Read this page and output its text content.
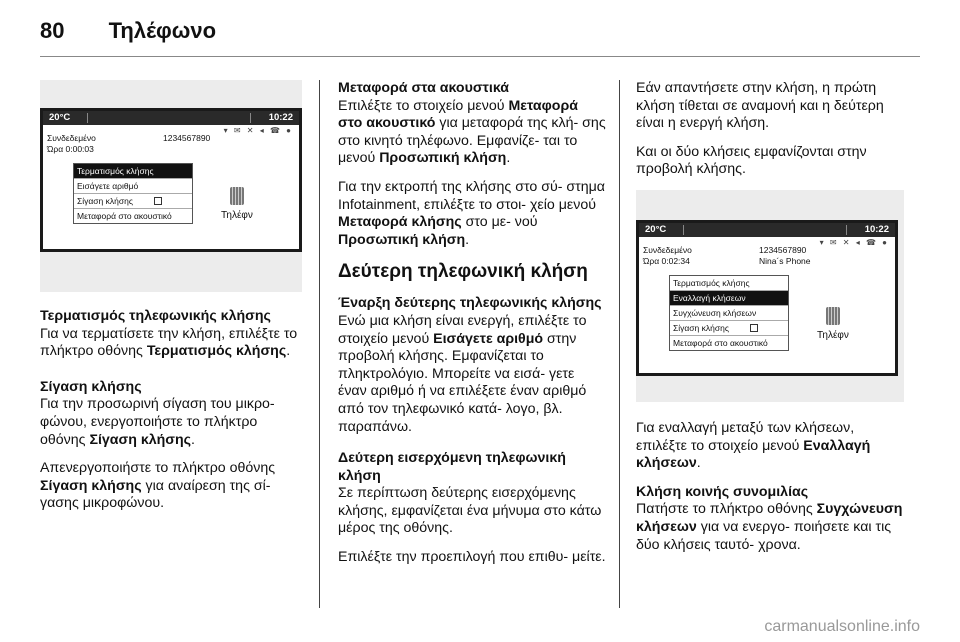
80 Τηλέφωνο
20°C	10:22
▾ ✉ ✕ ◂ ☎ ●
Συνδεδεμένο	1234567890
Ώρα 0:00:03
Τερματισμός κλήσης
Εισάγετε αριθμό
Σίγαση κλήσης
Μεταφορά στο ακουστικό	Τηλέφν

Τερματισμός τηλεφωνικής κλήσης

Για να τερματίσετε την κλήση, επιλέξτε το πλήκτρο οθόνης Τερματισμός κλήσης.

Σίγαση κλήσης

Για την προσωρινή σίγαση του μικρο- φώνου, ενεργοποιήστε το πλήκτρο οθόνης Σίγαση κλήσης.

Απενεργοποιήστε το πλήκτρο οθόνης Σίγαση κλήσης για αναίρεση της σί- γασης μικροφώνου.

Μεταφορά στα ακουστικά

Επιλέξτε το στοιχείο μενού Μεταφορά στο ακουστικό για μεταφορά της κλή- σης στο κινητό τηλέφωνο. Εμφανίζε- ται το μενού Προσωπική κλήση.

Για την εκτροπή της κλήσης στο σύ- στημα Infotainment, επιλέξτε το στοι- χείο μενού Μεταφορά κλήσης στο με- νού Προσωπική κλήση.

Δεύτερη τηλεφωνική κλήση

Έναρξη δεύτερης τηλεφωνικής κλήσης

Ενώ μια κλήση είναι ενεργή, επιλέξτε το στοιχείο μενού Εισάγετε αριθμό στην προβολή κλήσης. Εμφανίζεται το πληκτρολόγιο. Μπορείτε να εισά- γετε έναν αριθμό ή να επιλέξετε έναν αριθμό από τον τηλεφωνικό κατά- λογο, βλ. παραπάνω.

Δεύτερη εισερχόμενη τηλεφωνική κλήση

Σε περίπτωση δεύτερης εισερχόμενης κλήσης, εμφανίζεται ένα μήνυμα στο κάτω μέρος της οθόνης.

Επιλέξτε την προεπιλογή που επιθυ- μείτε.

Εάν απαντήσετε στην κλήση, η πρώτη κλήση τίθεται σε αναμονή και η δεύτερη είναι η ενεργή κλήση.

Και οι δύο κλήσεις εμφανίζονται στην προβολή κλήσης.

20°C	10:22
▾ ✉ ✕ ◂ ☎ ●
Συνδεδεμένο	1234567890
Ώρα 0:02:34	Nina´s Phone
Τερματισμός κλήσης
Εναλλαγή κλήσεων
Συγχώνευση κλήσεων
Σίγαση κλήσης
Μεταφορά στο ακουστικό
Τηλέφν

Για εναλλαγή μεταξύ των κλήσεων, επιλέξτε το στοιχείο μενού Εναλλαγή κλήσεων.

Κλήση κοινής συνομιλίας

Πατήστε το πλήκτρο οθόνης Συγχώνευση κλήσεων για να ενεργο- ποιήσετε και τις δύο κλήσεις ταυτό- χρονα.

carmanualsonline.info
